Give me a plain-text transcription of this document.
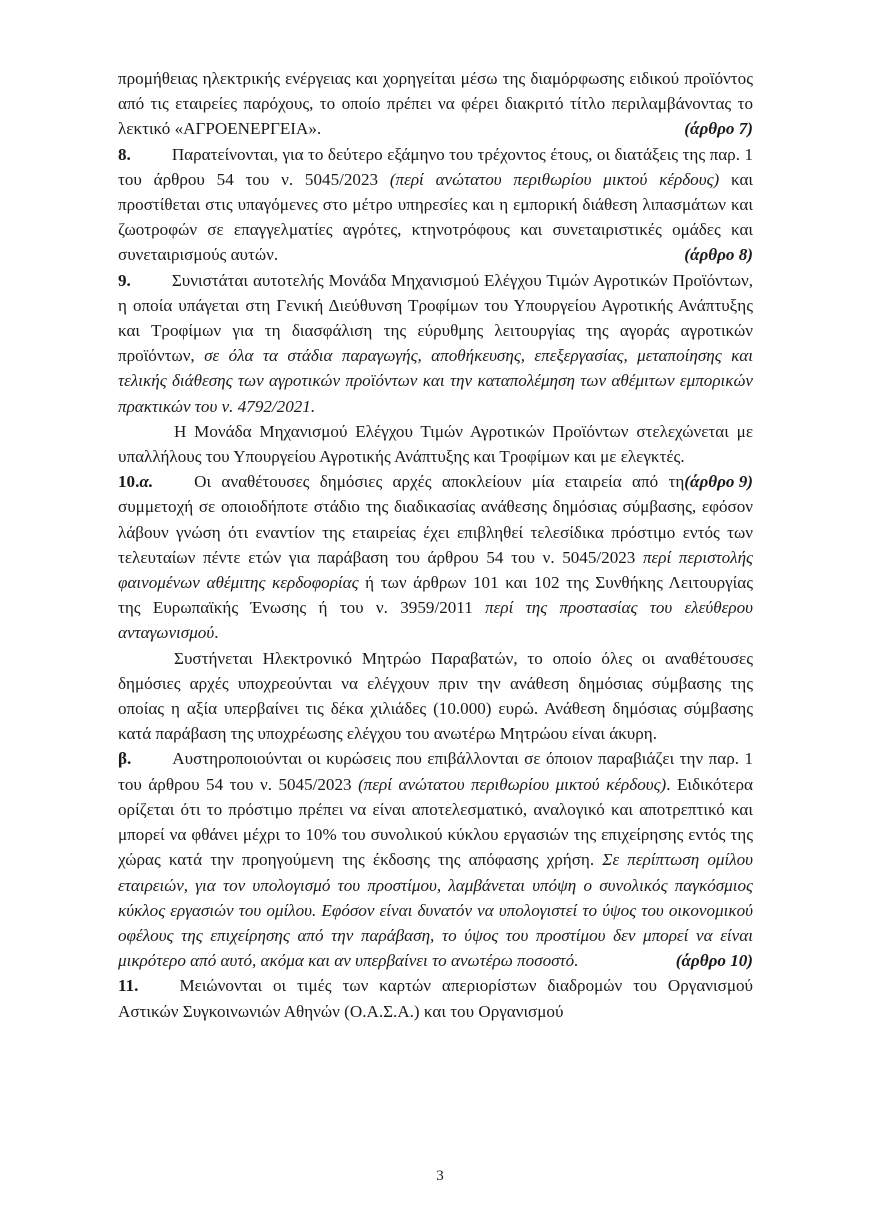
προμήθειας ηλεκτρικής ενέργειας και χορηγείται μέσω της διαμόρφωσης ειδικού προϊόντος από τις εταιρείες παρόχους, το οποίο πρέπει να φέρει διακριτό τίτλο περιλαμβάνοντας το λεκτικό «ΑΓΡΟΕΝΕΡΓΕΙΑ».	(άρθρο 7)

8. Παρατείνονται, για το δεύτερο εξάμηνο του τρέχοντος έτους, οι διατάξεις της παρ. 1 του άρθρου 54 του ν. 5045/2023 (περί ανώτατου περιθωρίου μικτού κέρδους) και προστίθεται στις υπαγόμενες στο μέτρο υπηρεσίες και η εμπορική διάθεση λιπασμάτων και ζωοτροφών σε επαγγελματίες αγρότες, κτηνοτρόφους και συνεταιριστικές ομάδες και συνεταιρισμούς αυτών.	(άρθρο 8)

9. Συνιστάται αυτοτελής Μονάδα Μηχανισμού Ελέγχου Τιμών Αγροτικών Προϊόντων, η οποία υπάγεται στη Γενική Διεύθυνση Τροφίμων του Υπουργείου Αγροτικής Ανάπτυξης και Τροφίμων για τη διασφάλιση της εύρυθμης λειτουργίας της αγοράς αγροτικών προϊόντων, σε όλα τα στάδια παραγωγής, αποθήκευσης, επεξεργασίας, μεταποίησης και τελικής διάθεσης των αγροτικών προϊόντων και την καταπολέμηση των αθέμιτων εμπορικών πρακτικών του ν. 4792/2021.

Η Μονάδα Μηχανισμού Ελέγχου Τιμών Αγροτικών Προϊόντων στελεχώνεται με υπαλλήλους του Υπουργείου Αγροτικής Ανάπτυξης και Τροφίμων και με ελεγκτές.
(άρθρο 9)

10.α. Οι αναθέτουσες δημόσιες αρχές αποκλείουν μία εταιρεία από τη συμμετοχή σε οποιοδήποτε στάδιο της διαδικασίας ανάθεσης δημόσιας σύμβασης, εφόσον λάβουν γνώση ότι εναντίον της εταιρείας έχει επιβληθεί τελεσίδικα πρόστιμο εντός των τελευταίων πέντε ετών για παράβαση του άρθρου 54 του ν. 5045/2023 περί περιστολής φαινομένων αθέμιτης κερδοφορίας ή των άρθρων 101 και 102 της Συνθήκης Λειτουργίας της Ευρωπαϊκής Ένωσης ή του ν. 3959/2011 περί της προστασίας του ελεύθερου ανταγωνισμού.

Συστήνεται Ηλεκτρονικό Μητρώο Παραβατών, το οποίο όλες οι αναθέτουσες δημόσιες αρχές υποχρεούνται να ελέγχουν πριν την ανάθεση δημόσιας σύμβασης της οποίας η αξία υπερβαίνει τις δέκα χιλιάδες (10.000) ευρώ. Ανάθεση δημόσιας σύμβασης κατά παράβαση της υποχρέωσης ελέγχου του ανωτέρω Μητρώου είναι άκυρη.

β. Αυστηροποιούνται οι κυρώσεις που επιβάλλονται σε όποιον παραβιάζει την παρ. 1 του άρθρου 54 του ν. 5045/2023 (περί ανώτατου περιθωρίου μικτού κέρδους). Ειδικότερα ορίζεται ότι το πρόστιμο πρέπει να είναι αποτελεσματικό, αναλογικό και αποτρεπτικό και μπορεί να φθάνει μέχρι το 10% του συνολικού κύκλου εργασιών της επιχείρησης εντός της χώρας κατά την προηγούμενη της έκδοσης της απόφασης χρήση. Σε περίπτωση ομίλου εταιρειών, για τον υπολογισμό του προστίμου, λαμβάνεται υπόψη ο συνολικός παγκόσμιος κύκλος εργασιών του ομίλου. Εφόσον είναι δυνατόν να υπολογιστεί το ύψος του οικονομικού οφέλους της επιχείρησης από την παράβαση, το ύψος του προστίμου δεν μπορεί να είναι μικρότερο από αυτό, ακόμα και αν υπερβαίνει το ανωτέρω ποσοστό.	(άρθρο 10)

11. Μειώνονται οι τιμές των καρτών απεριορίστων διαδρομών του Οργανισμού Αστικών Συγκοινωνιών Αθηνών (Ο.Α.Σ.Α.) και του Οργανισμού

3
